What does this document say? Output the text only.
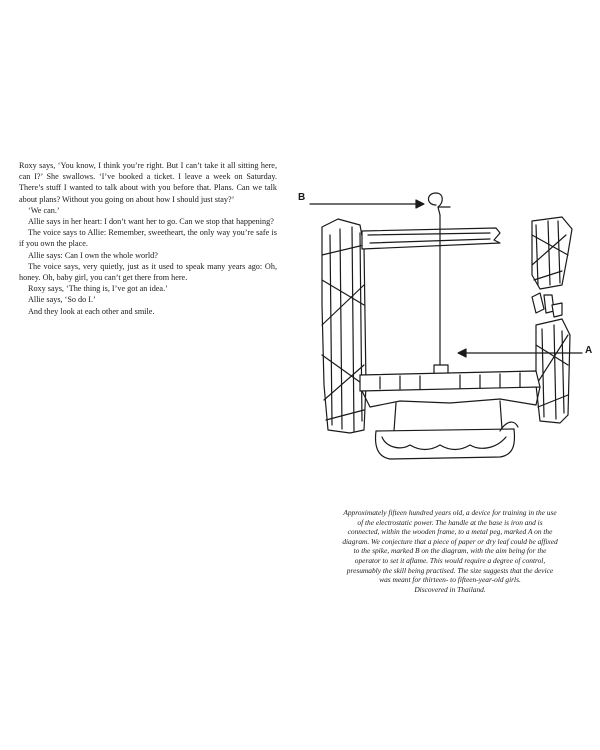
Roxy says, ‘You know, I think you’re right. But I can’t take it all sitting here, can I?’ She swallows. ‘I’ve booked a ticket. I leave a week on Saturday. There’s stuff I wanted to talk about with you before that. Plans. Can we talk about plans? Without you going on about how I should just stay?’

‘We can.’

Allie says in her heart: I don’t want her to go. Can we stop that happening?

The voice says to Allie: Remember, sweetheart, the only way you’re safe is if you own the place.

Allie says: Can I own the whole world?

The voice says, very quietly, just as it used to speak many years ago: Oh, honey. Oh, baby girl, you can’t get there from here.

Roxy says, ‘The thing is, I’ve got an idea.’

Allie says, ‘So do I.’

And they look at each other and smile.

B
A

Approximately fifteen hundred years old, a device for training in the use

of the electrostatic power. The handle at the base is iron and is

connected, within the wooden frame, to a metal peg, marked A on the

diagram. We conjecture that a piece of paper or dry leaf could be affixed

to the spike, marked B on the diagram, with the aim being for the

operator to set it aflame. This would require a degree of control,

presumably the skill being practised. The size suggests that the device

was meant for thirteen- to fifteen-year-old girls.

Discovered in Thailand.
